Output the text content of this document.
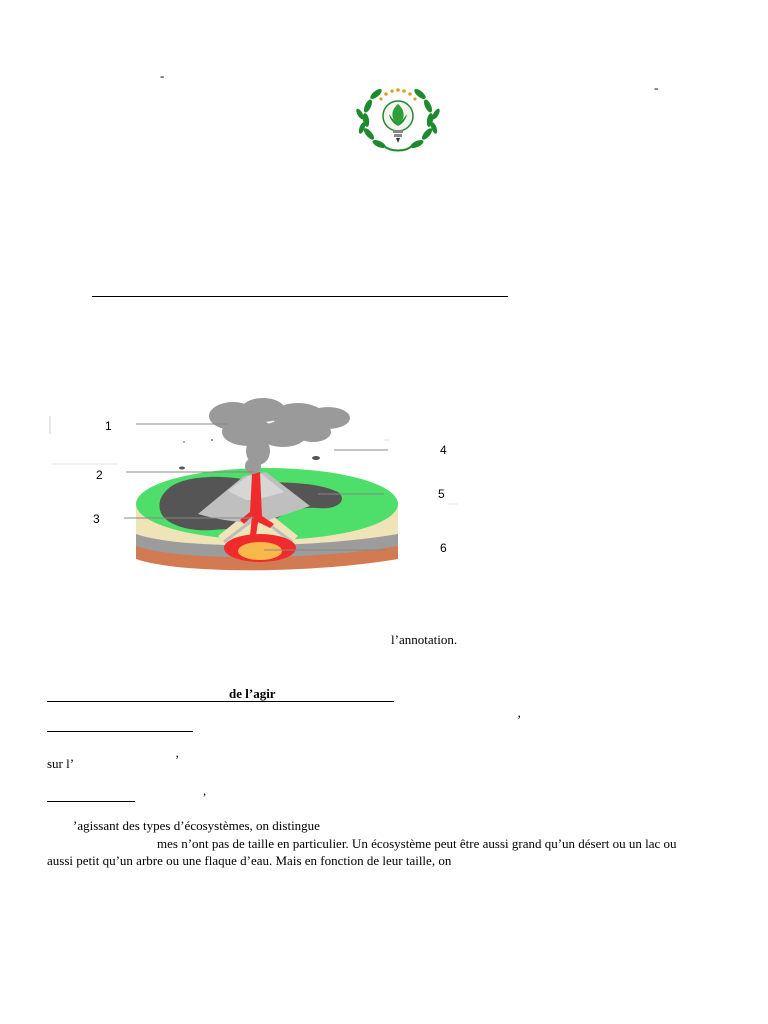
-
-
1
2
3
4
5
6
l’annotation.
de l’agir
’
sur l’	’
,
’agissant des types d’écosystèmes, on distingue
mes n’ont pas de taille en particulier. Un écosystème peut être aussi grand qu’un désert ou un lac ou
aussi petit qu’un arbre ou une flaque d’eau. Mais en fonction de leur taille, on
